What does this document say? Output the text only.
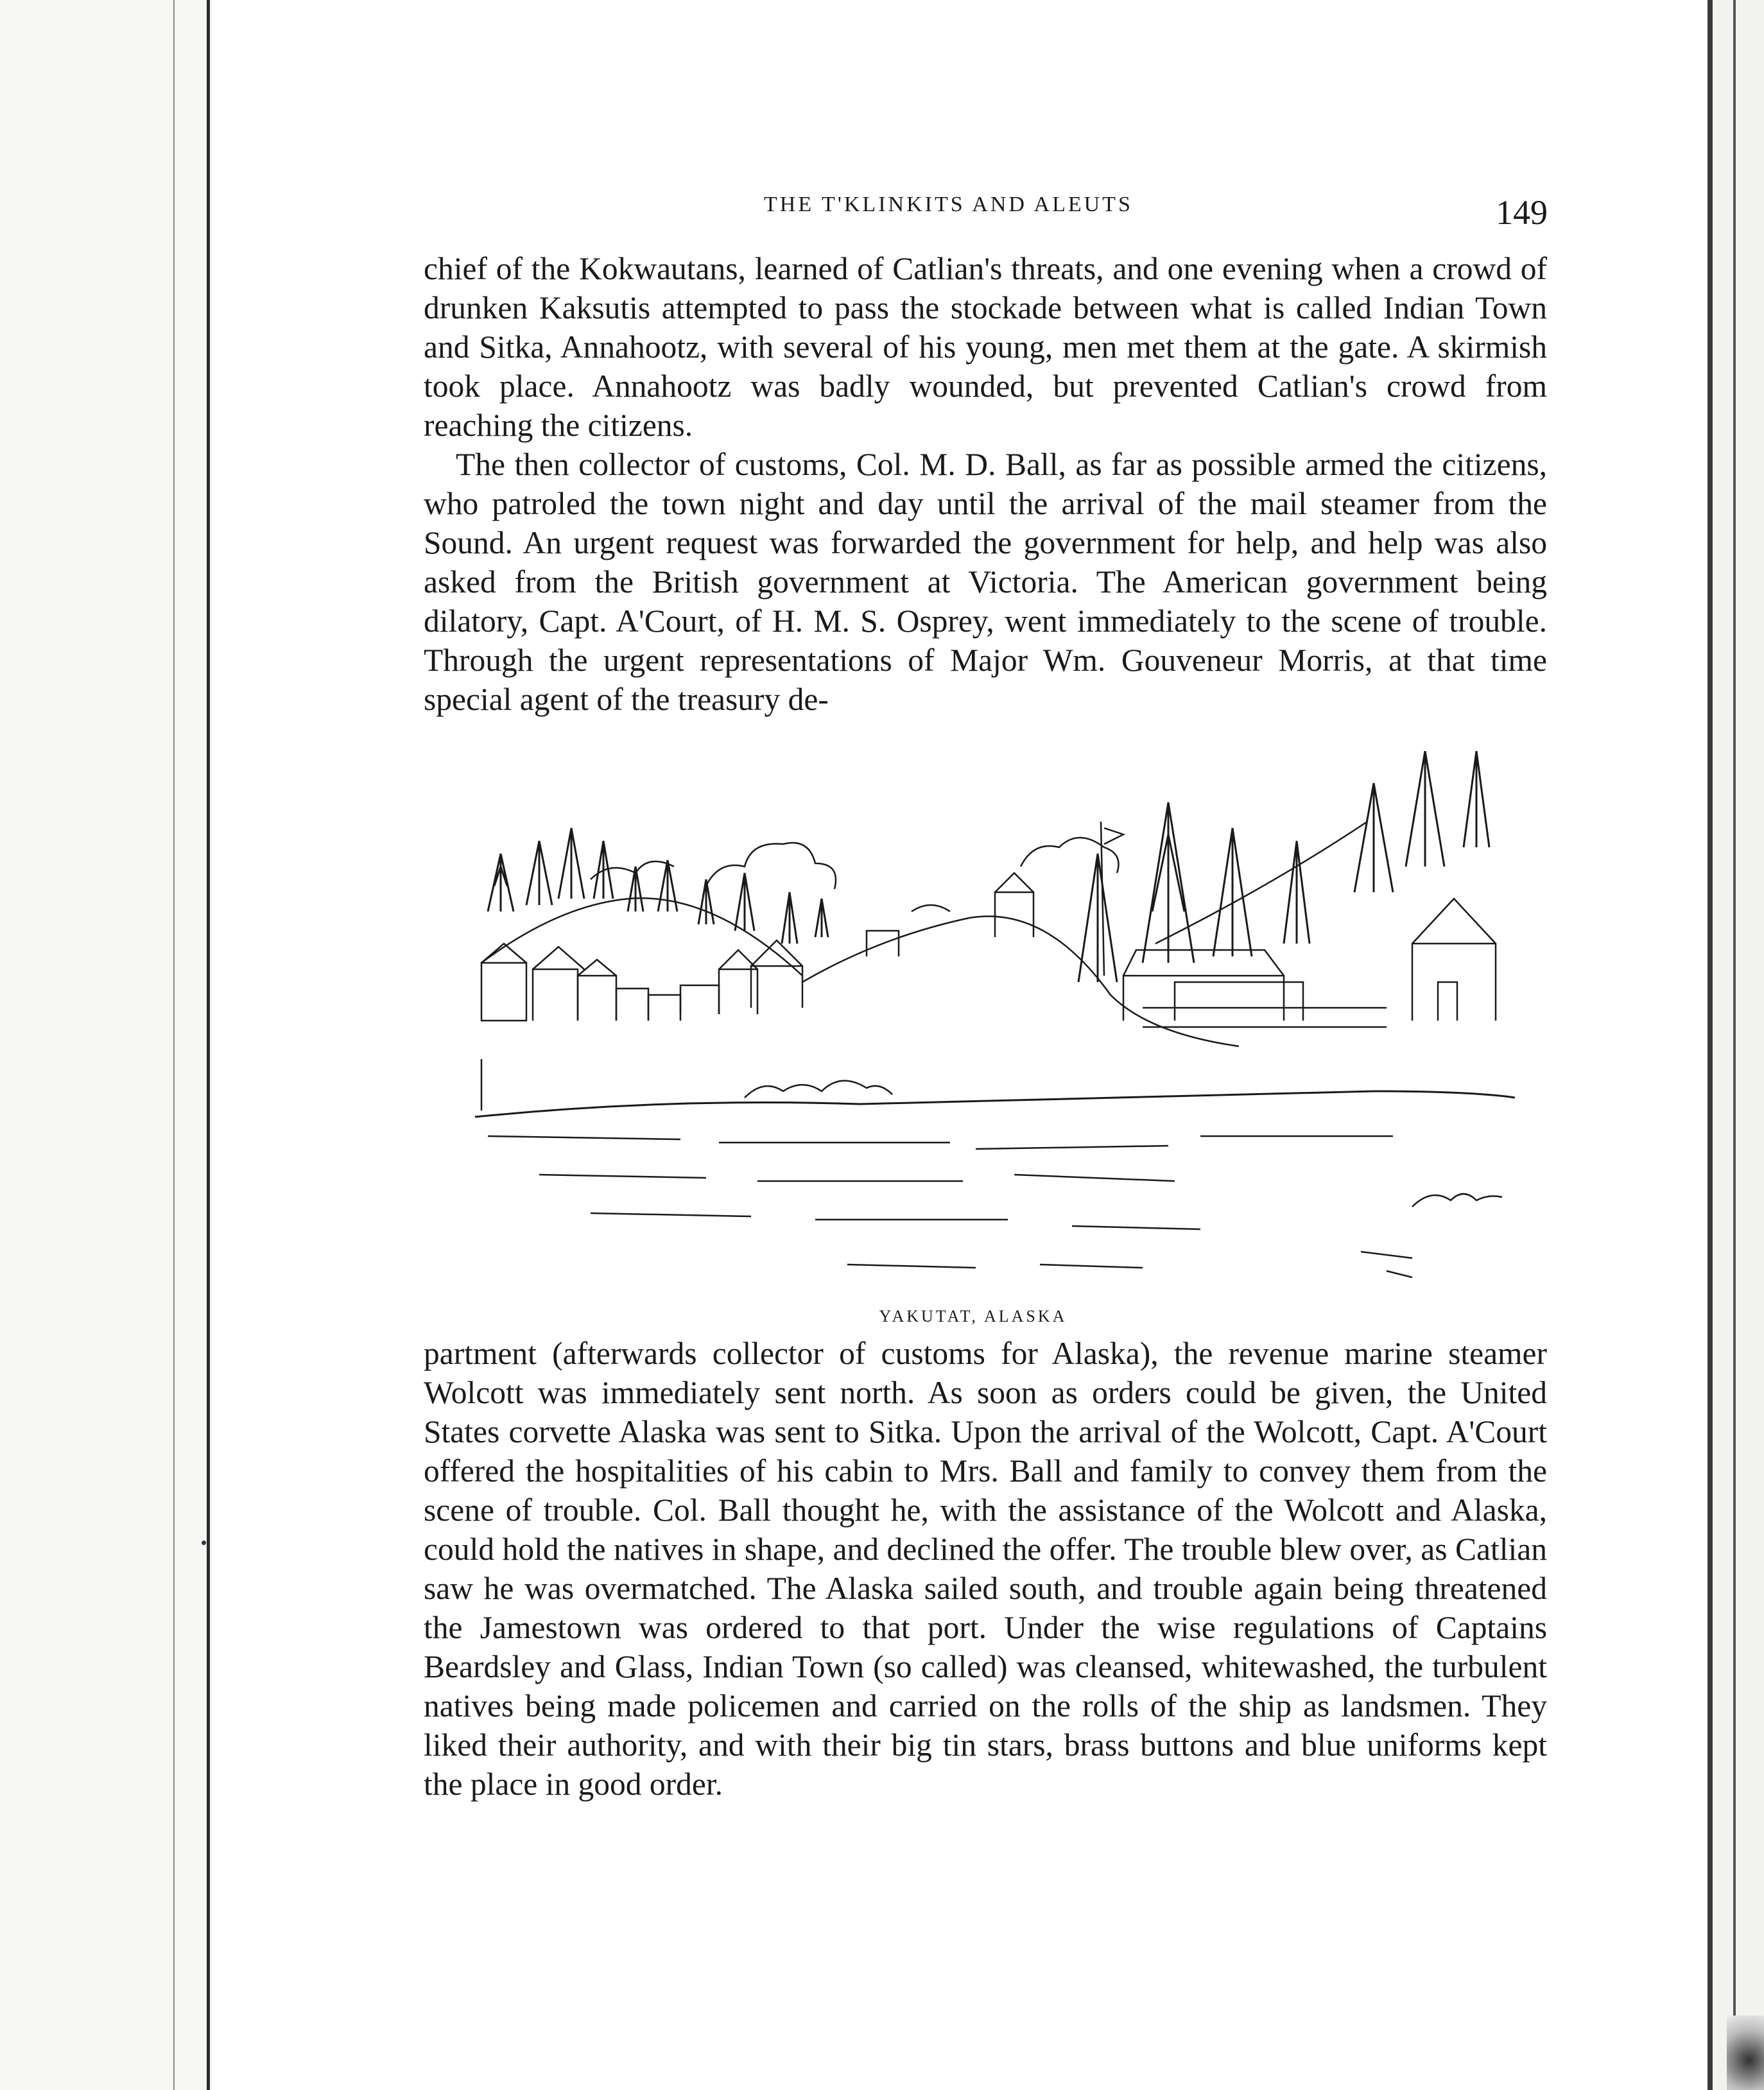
THE T'KLINKITS AND ALEUTS	149

chief of the Kokwautans, learned of Catlian's threats, and one evening when a crowd of drunken Kaksutis attempted to pass the stockade between what is called Indian Town and Sitka, Annahootz, with several of his young, men met them at the gate. A skirmish took place. Annahootz was badly wounded, but prevented Catlian's crowd from reaching the citizens.

The then collector of customs, Col. M. D. Ball, as far as possible armed the citizens, who patroled the town night and day until the arrival of the mail steamer from the Sound. An urgent request was forwarded the government for help, and help was also asked from the British government at Victoria. The American government being dilatory, Capt. A'Court, of H. M. S. Osprey, went immediately to the scene of trouble. Through the urgent representations of Major Wm. Gouveneur Morris, at that time special agent of the treasury de-

YAKUTAT, ALASKA

partment (afterwards collector of customs for Alaska), the revenue marine steamer Wolcott was immediately sent north. As soon as orders could be given, the United States corvette Alaska was sent to Sitka. Upon the arrival of the Wolcott, Capt. A'Court offered the hospitalities of his cabin to Mrs. Ball and family to convey them from the scene of trouble. Col. Ball thought he, with the assistance of the Wolcott and Alaska, could hold the natives in shape, and declined the offer. The trouble blew over, as Catlian saw he was overmatched. The Alaska sailed south, and trouble again being threatened the Jamestown was ordered to that port. Under the wise regulations of Captains Beardsley and Glass, Indian Town (so called) was cleansed, whitewashed, the turbulent natives being made policemen and carried on the rolls of the ship as landsmen. They liked their authority, and with their big tin stars, brass buttons and blue uniforms kept the place in good order.
